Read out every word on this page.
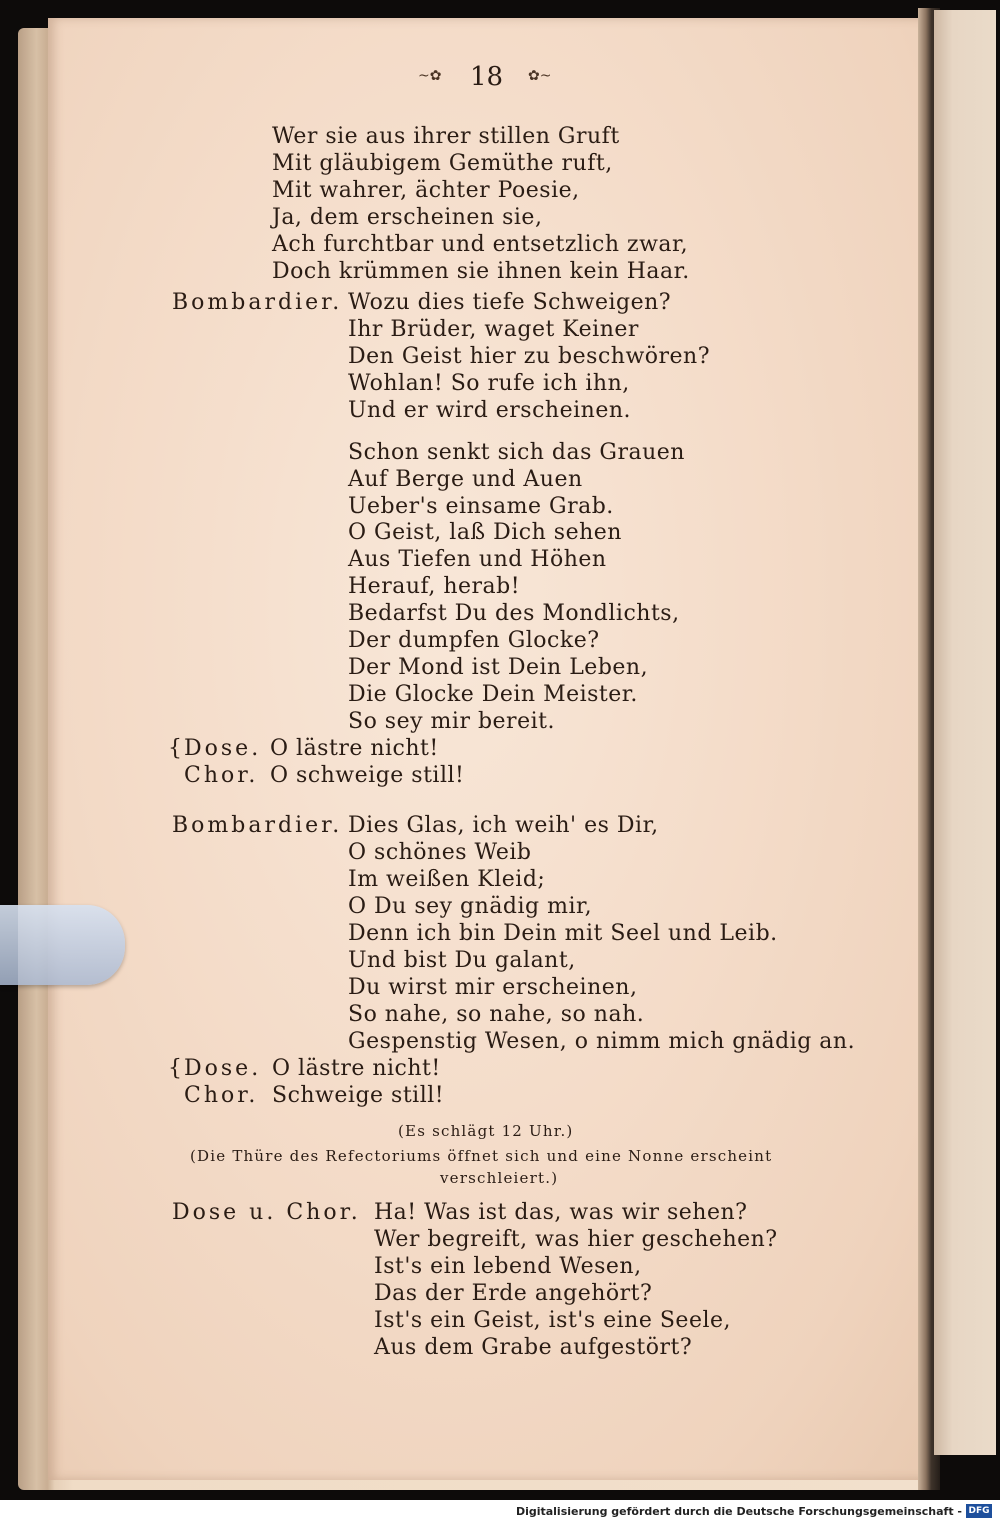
~✿ 18 ✿~
Wer sie aus ihrer stillen Gruft
Mit gläubigem Gemüthe ruft,
Mit wahrer, ächter Poesie,
Ja, dem erscheinen sie,
Ach furchtbar und entsetzlich zwar,
Doch krümmen sie ihnen kein Haar.
Bombardier. Wozu dies tiefe Schweigen?
Ihr Brüder, waget Keiner
Den Geist hier zu beschwören?
Wohlan! So rufe ich ihn,
Und er wird erscheinen.
Schon senkt sich das Grauen
Auf Berge und Auen
Ueber's einsame Grab.
O Geist, laß Dich sehen
Aus Tiefen und Höhen
Herauf, herab!
Bedarfst Du des Mondlichts,
Der dumpfen Glocke?
Der Mond ist Dein Leben,
Die Glocke Dein Meister.
So sey mir bereit.
{ Dose. O lästre nicht!
Chor. O schweige still!
Bombardier. Dies Glas, ich weih' es Dir,
O schönes Weib
Im weißen Kleid;
O Du sey gnädig mir,
Denn ich bin Dein mit Seel und Leib.
Und bist Du galant,
Du wirst mir erscheinen,
So nahe, so nahe, so nah.
Gespenstig Wesen, o nimm mich gnädig an.
{ Dose. O lästre nicht!
Chor. Schweige still!
(Es schlägt 12 Uhr.)
(Die Thüre des Refectoriums öffnet sich und eine Nonne erscheint
verschleiert.)
Dose u. Chor. Ha! Was ist das, was wir sehen?
Wer begreift, was hier geschehen?
Ist's ein lebend Wesen,
Das der Erde angehört?
Ist's ein Geist, ist's eine Seele,
Aus dem Grabe aufgestört?
Digitalisierung gefördert durch die Deutsche Forschungsgemeinschaft - DFG
